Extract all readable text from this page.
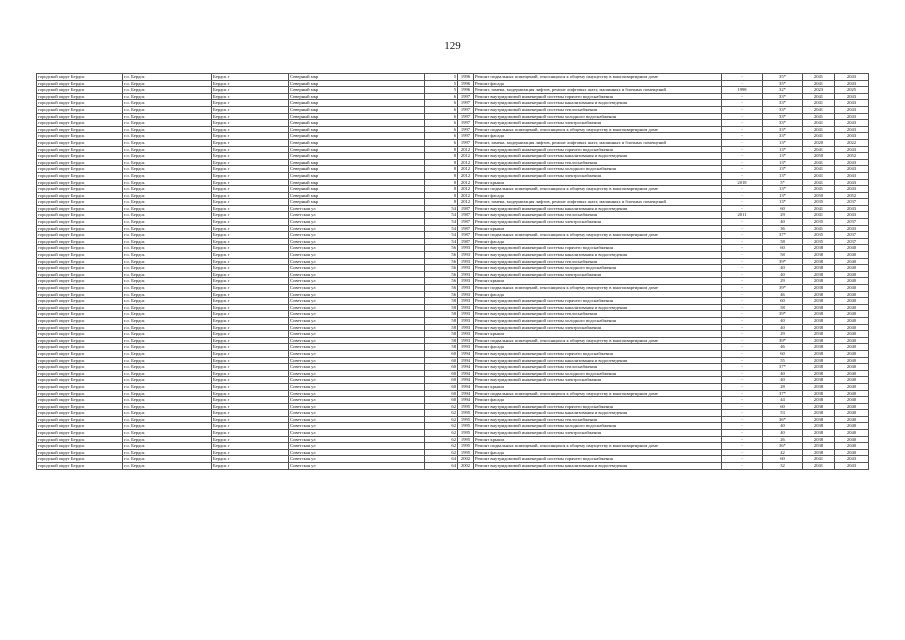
129
городской округ Бердск	г.о. Бердск	Бердск г	Северный мкр	5	1996	Ремонт подвальных помещений, относящихся к общему имуществу в многоквартирном доме	-	35*	2041	2043
городской округ Бердск	г.о. Бердск	Бердск г	Северный мкр	5	1996	Ремонт фасада	-	35*	2041	2043
городской округ Бердск	г.о. Бердск	Бердск г	Северный мкр	5	1996	Ремонт, замена, модернизация лифтов, ремонт лифтовых шахт, машинных и блочных помещений	1998	32*	2023	2025
городской округ Бердск	г.о. Бердск	Бердск г	Северный мкр	6	1997	Ремонт внутридомовой инженерной системы горячего водоснабжения	-	33*	2041	2043
городской округ Бердск	г.о. Бердск	Бердск г	Северный мкр	6	1997	Ремонт внутридомовой инженерной системы канализования и водоотведения	-	33*	2041	2043
городской округ Бердск	г.о. Бердск	Бердск г	Северный мкр	6	1997	Ремонт внутридомовой инженерной системы теплоснабжения	-	33*	2041	2043
городской округ Бердск	г.о. Бердск	Бердск г	Северный мкр	6	1997	Ремонт внутридомовой инженерной системы холодного водоснабжения	-	33*	2041	2043
городской округ Бердск	г.о. Бердск	Бердск г	Северный мкр	6	1997	Ремонт внутридомовой инженерной системы электроснабжения	-	33*	2041	2043
городской округ Бердск	г.о. Бердск	Бердск г	Северный мкр	6	1997	Ремонт подвальных помещений, относящихся к общему имуществу в многоквартирном доме	-	33*	2041	2043
городской округ Бердск	г.о. Бердск	Бердск г	Северный мкр	6	1997	Ремонт фасада	-	33*	2041	2043
городской округ Бердск	г.о. Бердск	Бердск г	Северный мкр	6	1997	Ремонт, замена, модернизация лифтов, ремонт лифтовых шахт, машинных и блочных помещений	-	13*	2020	2022
городской округ Бердск	г.о. Бердск	Бердск г	Северный мкр	8	2012	Ремонт внутридомовой инженерной системы горячего водоснабжения	-	13*	2041	2043
городской округ Бердск	г.о. Бердск	Бердск г	Северный мкр	8	2012	Ремонт внутридомовой инженерной системы канализования и водоотведения	-	13*	2050	2052
городской округ Бердск	г.о. Бердск	Бердск г	Северный мкр	8	2012	Ремонт внутридомовой инженерной системы теплоснабжения	-	13*	2041	2043
городской округ Бердск	г.о. Бердск	Бердск г	Северный мкр	8	2012	Ремонт внутридомовой инженерной системы холодного водоснабжения	-	13*	2041	2043
городской округ Бердск	г.о. Бердск	Бердск г	Северный мкр	8	2012	Ремонт внутридомовой инженерной системы электроснабжения	-	13*	2041	2043
городской округ Бердск	г.о. Бердск	Бердск г	Северный мкр	8	2012	Ремонт крыши	2018	5*	2041	2043
городской округ Бердск	г.о. Бердск	Бердск г	Северный мкр	8	2012	Ремонт подвальных помещений, относящихся к общему имуществу в многоквартирном доме	-	13*	2041	2043
городской округ Бердск	г.о. Бердск	Бердск г	Северный мкр	8	2012	Ремонт фасада	-	13*	2050	2052
городской округ Бердск	г.о. Бердск	Бердск г	Северный мкр	8	2012	Ремонт, замена, модернизация лифтов, ремонт лифтовых шахт, машинных и блочных помещений	-	13*	2035	2037
городской округ Бердск	г.о. Бердск	Бердск г	Советская ул	54	1987	Ремонт внутридомовой инженерной системы канализования и водоотведения	-	60	2041	2043
городской округ Бердск	г.о. Бердск	Бердск г	Советская ул	54	1987	Ремонт внутридомовой инженерной системы теплоснабжения	2011	29	2041	2043
городской округ Бердск	г.о. Бердск	Бердск г	Советская ул	54	1987	Ремонт внутридомовой инженерной системы электроснабжения	-	40	2035	2037
городской округ Бердск	г.о. Бердск	Бердск г	Советская ул	54	1987	Ремонт крыши	-	36	2041	2043
городской округ Бердск	г.о. Бердск	Бердск г	Советская ул	54	1987	Ремонт подвальных помещений, относящихся к общему имуществу в многоквартирном доме	-	37*	2035	2037
городской округ Бердск	г.о. Бердск	Бердск г	Советская ул	54	1987	Ремонт фасада	-	58	2035	2037
городской округ Бердск	г.о. Бердск	Бердск г	Советская ул	56	1993	Ремонт внутридомовой инженерной системы горячего водоснабжения	-	60	2038	2040
городской округ Бердск	г.о. Бердск	Бердск г	Советская ул	56	1993	Ремонт внутридомовой инженерной системы канализования и водоотведения	-	58	2038	2040
городской округ Бердск	г.о. Бердск	Бердск г	Советская ул	56	1993	Ремонт внутридомовой инженерной системы теплоснабжения	-	39*	2038	2040
городской округ Бердск	г.о. Бердск	Бердск г	Советская ул	56	1993	Ремонт внутридомовой инженерной системы холодного водоснабжения	-	40	2038	2040
городской округ Бердск	г.о. Бердск	Бердск г	Советская ул	56	1993	Ремонт внутридомовой инженерной системы электроснабжения	-	40	2038	2040
городской округ Бердск	г.о. Бердск	Бердск г	Советская ул	56	1993	Ремонт крыши	-	29	2038	2040
городской округ Бердск	г.о. Бердск	Бердск г	Советская ул	56	1993	Ремонт подвальных помещений, относящихся к общему имуществу в многоквартирном доме	-	39*	2038	2040
городской округ Бердск	г.о. Бердск	Бердск г	Советская ул	56	1993	Ремонт фасада	-	46	2038	2040
городской округ Бердск	г.о. Бердск	Бердск г	Советская ул	58	1993	Ремонт внутридомовой инженерной системы горячего водоснабжения	-	60	2038	2040
городской округ Бердск	г.о. Бердск	Бердск г	Советская ул	58	1993	Ремонт внутридомовой инженерной системы канализования и водоотведения	-	58	2038	2040
городской округ Бердск	г.о. Бердск	Бердск г	Советская ул	58	1993	Ремонт внутридомовой инженерной системы теплоснабжения	-	39*	2038	2040
городской округ Бердск	г.о. Бердск	Бердск г	Советская ул	58	1993	Ремонт внутридомовой инженерной системы холодного водоснабжения	-	40	2038	2040
городской округ Бердск	г.о. Бердск	Бердск г	Советская ул	58	1993	Ремонт внутридомовой инженерной системы электроснабжения	-	40	2038	2040
городской округ Бердск	г.о. Бердск	Бердск г	Советская ул	58	1993	Ремонт крыши	-	29	2038	2040
городской округ Бердск	г.о. Бердск	Бердск г	Советская ул	58	1993	Ремонт подвальных помещений, относящихся к общему имуществу в многоквартирном доме	-	39*	2038	2040
городской округ Бердск	г.о. Бердск	Бердск г	Советская ул	58	1993	Ремонт фасада	-	46	2038	2040
городской округ Бердск	г.о. Бердск	Бердск г	Советская ул	60	1994	Ремонт внутридомовой инженерной системы горячего водоснабжения	-	60	2038	2040
городской округ Бердск	г.о. Бердск	Бердск г	Советская ул	60	1994	Ремонт внутридомовой инженерной системы канализования и водоотведения	-	55	2038	2040
городской округ Бердск	г.о. Бердск	Бердск г	Советская ул	60	1994	Ремонт внутридомовой инженерной системы теплоснабжения	-	37*	2038	2040
городской округ Бердск	г.о. Бердск	Бердск г	Советская ул	60	1994	Ремонт внутридомовой инженерной системы холодного водоснабжения	-	40	2038	2040
городской округ Бердск	г.о. Бердск	Бердск г	Советская ул	60	1994	Ремонт внутридомовой инженерной системы электроснабжения	-	40	2038	2040
городской округ Бердск	г.о. Бердск	Бердск г	Советская ул	60	1994	Ремонт крыши	-	28	2038	2040
городской округ Бердск	г.о. Бердск	Бердск г	Советская ул	60	1994	Ремонт подвальных помещений, относящихся к общему имуществу в многоквартирном доме	-	37*	2038	2040
городской округ Бердск	г.о. Бердск	Бердск г	Советская ул	60	1994	Ремонт фасада	-	44	2038	2040
городской округ Бердск	г.о. Бердск	Бердск г	Советская ул	62	1995	Ремонт внутридомовой инженерной системы горячего водоснабжения	-	60	2038	2040
городской округ Бердск	г.о. Бердск	Бердск г	Советская ул	62	1995	Ремонт внутридомовой инженерной системы канализования и водоотведения	-	53	2038	2040
городской округ Бердск	г.о. Бердск	Бердск г	Советская ул	62	1995	Ремонт внутридомовой инженерной системы теплоснабжения	-	36*	2038	2040
городской округ Бердск	г.о. Бердск	Бердск г	Советская ул	62	1995	Ремонт внутридомовой инженерной системы холодного водоснабжения	-	40	2038	2040
городской округ Бердск	г.о. Бердск	Бердск г	Советская ул	62	1995	Ремонт внутридомовой инженерной системы электроснабжения	-	40	2038	2040
городской округ Бердск	г.о. Бердск	Бердск г	Советская ул	62	1995	Ремонт крыши	-	26	2038	2040
городской округ Бердск	г.о. Бердск	Бердск г	Советская ул	62	1995	Ремонт подвальных помещений, относящихся к общему имуществу в многоквартирном доме	-	36*	2038	2040
городской округ Бердск	г.о. Бердск	Бердск г	Советская ул	62	1995	Ремонт фасада	-	42	2038	2040
городской округ Бердск	г.о. Бердск	Бердск г	Советская ул	64	2002	Ремонт внутридомовой инженерной системы горячего водоснабжения	-	60	2041	2043
городской округ Бердск	г.о. Бердск	Бердск г	Советская ул	64	2002	Ремонт внутридомовой инженерной системы канализования и водоотведения	-	32	2041	2043
